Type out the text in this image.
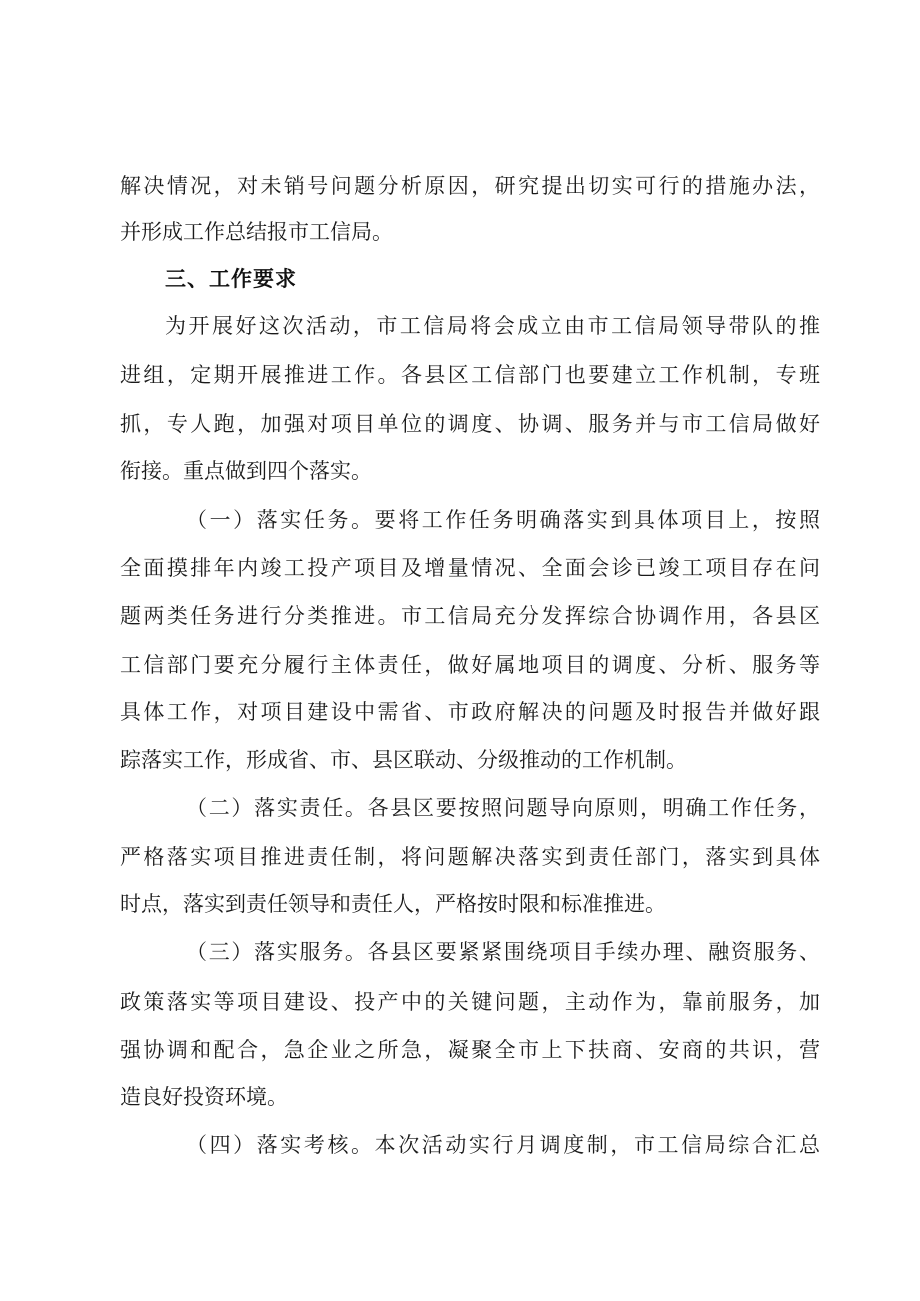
解决情况，对未销号问题分析原因，研究提出切实可行的措施办法，
并形成工作总结报市工信局。
三、工作要求
为开展好这次活动，市工信局将会成立由市工信局领导带队的推
进组，定期开展推进工作。各县区工信部门也要建立工作机制，专班
抓，专人跑，加强对项目单位的调度、协调、服务并与市工信局做好
衔接。重点做到四个落实。
（一）落实任务。要将工作任务明确落实到具体项目上，按照
全面摸排年内竣工投产项目及增量情况、全面会诊已竣工项目存在问
题两类任务进行分类推进。市工信局充分发挥综合协调作用，各县区
工信部门要充分履行主体责任，做好属地项目的调度、分析、服务等
具体工作，对项目建设中需省、市政府解决的问题及时报告并做好跟
踪落实工作，形成省、市、县区联动、分级推动的工作机制。
（二）落实责任。各县区要按照问题导向原则，明确工作任务，
严格落实项目推进责任制，将问题解决落实到责任部门，落实到具体
时点，落实到责任领导和责任人，严格按时限和标准推进。
（三）落实服务。各县区要紧紧围绕项目手续办理、融资服务、
政策落实等项目建设、投产中的关键问题，主动作为，靠前服务，加
强协调和配合，急企业之所急，凝聚全市上下扶商、安商的共识，营
造良好投资环境。
（四）落实考核。本次活动实行月调度制，市工信局综合汇总
